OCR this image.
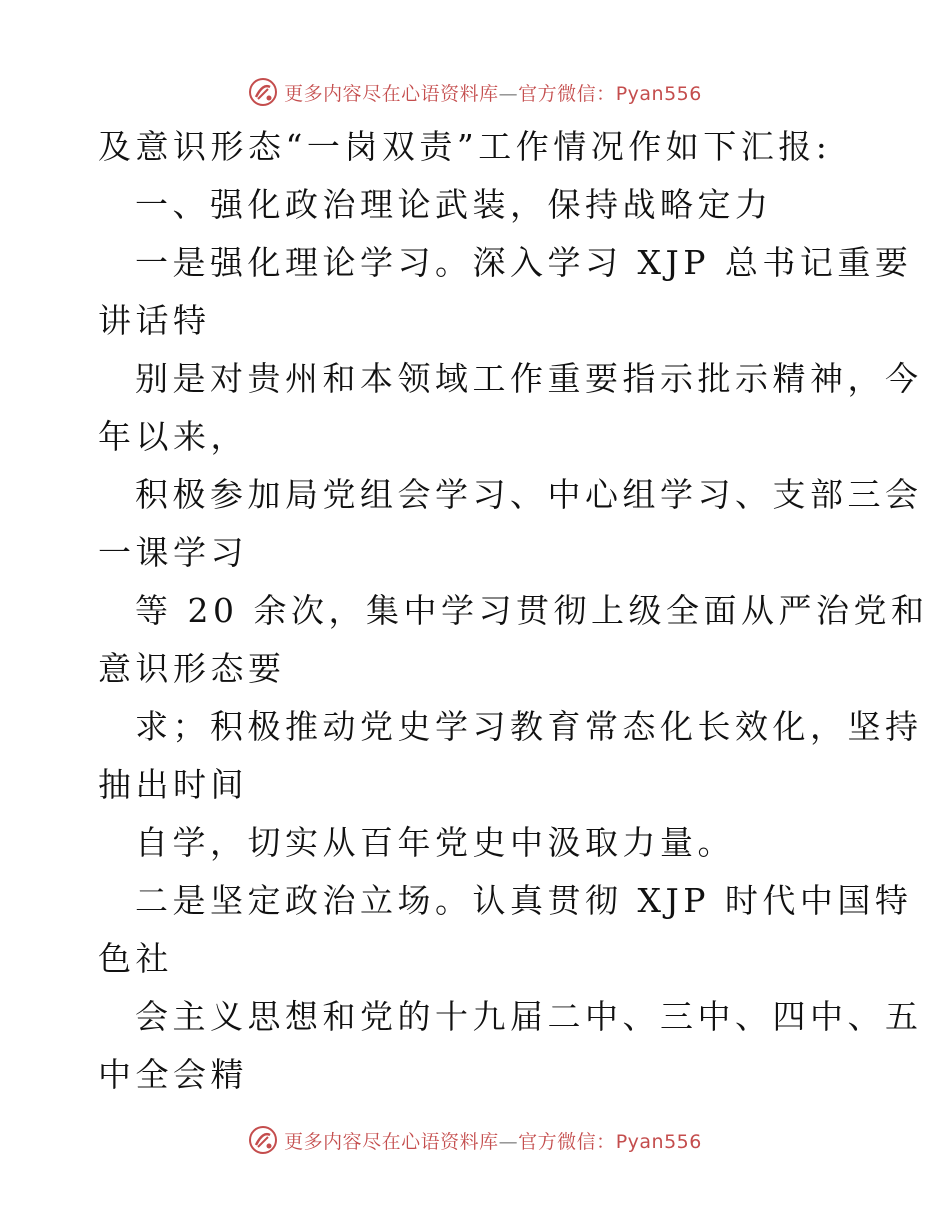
更多内容尽在心语资料库—官方微信：Pyan556
及意识形态“一岗双责”工作情况作如下汇报:
一、强化政治理论武装，保持战略定力
一是强化理论学习。深入学习 XJP 总书记重要
讲话特
别是对贵州和本领域工作重要指示批示精神，今
年以来，
积极参加局党组会学习、中心组学习、支部三会
一课学习
等 20 余次，集中学习贯彻上级全面从严治党和
意识形态要
求；积极推动党史学习教育常态化长效化，坚持
抽出时间
自学，切实从百年党史中汲取力量。
二是坚定政治立场。认真贯彻 XJP 时代中国特
色社
会主义思想和党的十九届二中、三中、四中、五
中全会精
更多内容尽在心语资料库—官方微信：Pyan556
